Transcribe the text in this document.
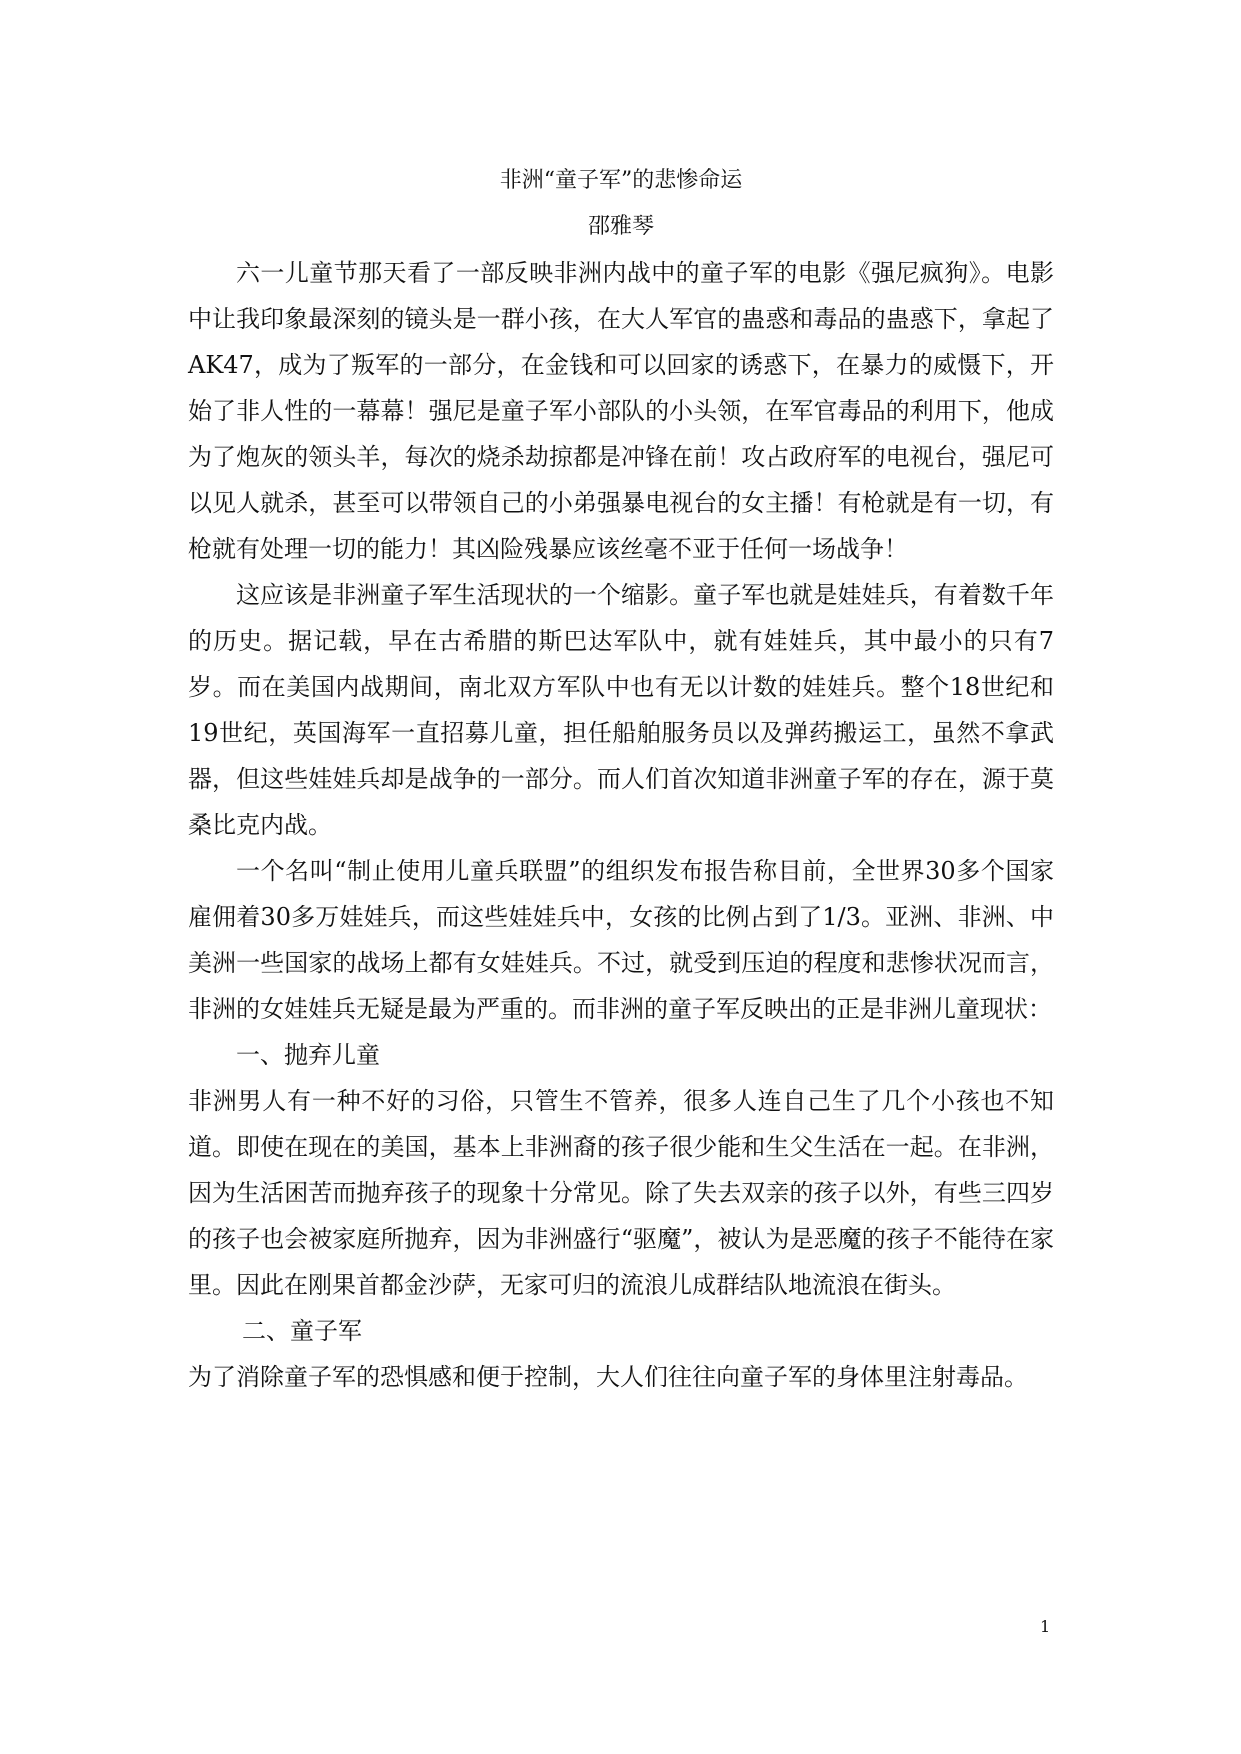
非洲“童子军”的悲惨命运
邵雅琴

六一儿童节那天看了一部反映非洲内战中的童子军的电影《强尼疯狗》。电影中让我印象最深刻的镜头是一群小孩，在大人军官的蛊惑和毒品的蛊惑下，拿起了AK47，成为了叛军的一部分，在金钱和可以回家的诱惑下，在暴力的威慑下，开始了非人性的一幕幕！强尼是童子军小部队的小头领，在军官毒品的利用下，他成为了炮灰的领头羊，每次的烧杀劫掠都是冲锋在前！攻占政府军的电视台，强尼可以见人就杀，甚至可以带领自己的小弟强暴电视台的女主播！有枪就是有一切，有枪就有处理一切的能力！其凶险残暴应该丝毫不亚于任何一场战争！

这应该是非洲童子军生活现状的一个缩影。童子军也就是娃娃兵，有着数千年的历史。据记载，早在古希腊的斯巴达军队中，就有娃娃兵，其中最小的只有7岁。而在美国内战期间，南北双方军队中也有无以计数的娃娃兵。整个18世纪和19世纪，英国海军一直招募儿童，担任船舶服务员以及弹药搬运工，虽然不拿武器，但这些娃娃兵却是战争的一部分。而人们首次知道非洲童子军的存在，源于莫桑比克内战。

一个名叫“制止使用儿童兵联盟”的组织发布报告称目前，全世界30多个国家雇佣着30多万娃娃兵，而这些娃娃兵中，女孩的比例占到了1/3。亚洲、非洲、中美洲一些国家的战场上都有女娃娃兵。不过，就受到压迫的程度和悲惨状况而言，非洲的女娃娃兵无疑是最为严重的。而非洲的童子军反映出的正是非洲儿童现状：

一、抛弃儿童

非洲男人有一种不好的习俗，只管生不管养，很多人连自己生了几个小孩也不知道。即使在现在的美国，基本上非洲裔的孩子很少能和生父生活在一起。在非洲，因为生活困苦而抛弃孩子的现象十分常见。除了失去双亲的孩子以外，有些三四岁的孩子也会被家庭所抛弃，因为非洲盛行“驱魔”，被认为是恶魔的孩子不能待在家里。因此在刚果首都金沙萨，无家可归的流浪儿成群结队地流浪在街头。

二、童子军

为了消除童子军的恐惧感和便于控制，大人们往往向童子军的身体里注射毒品。

1
